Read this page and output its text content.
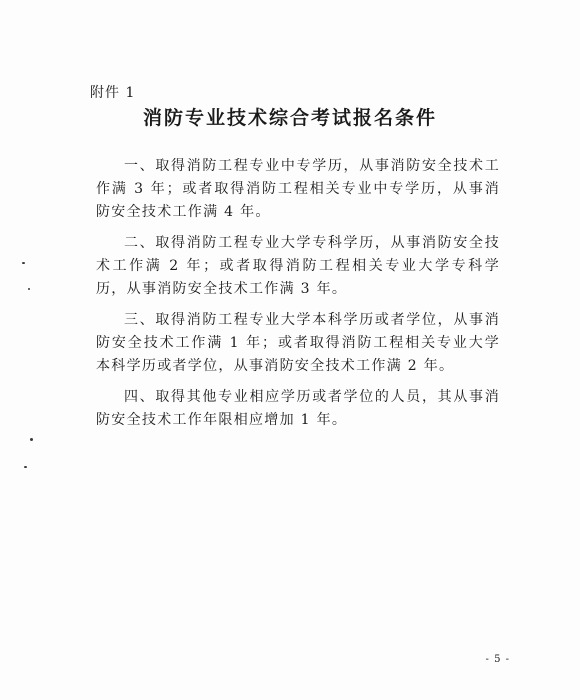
附件 1
消防专业技术综合考试报名条件

一、取得消防工程专业中专学历，从事消防安全技术工作满 3 年；或者取得消防工程相关专业中专学历，从事消防安全技术工作满 4 年。

二、取得消防工程专业大学专科学历，从事消防安全技术工作满 2 年；或者取得消防工程相关专业大学专科学历，从事消防安全技术工作满 3 年。

三、取得消防工程专业大学本科学历或者学位，从事消防安全技术工作满 1 年；或者取得消防工程相关专业大学本科学历或者学位，从事消防安全技术工作满 2 年。

四、取得其他专业相应学历或者学位的人员，其从事消防安全技术工作年限相应增加 1 年。

- 5 -
